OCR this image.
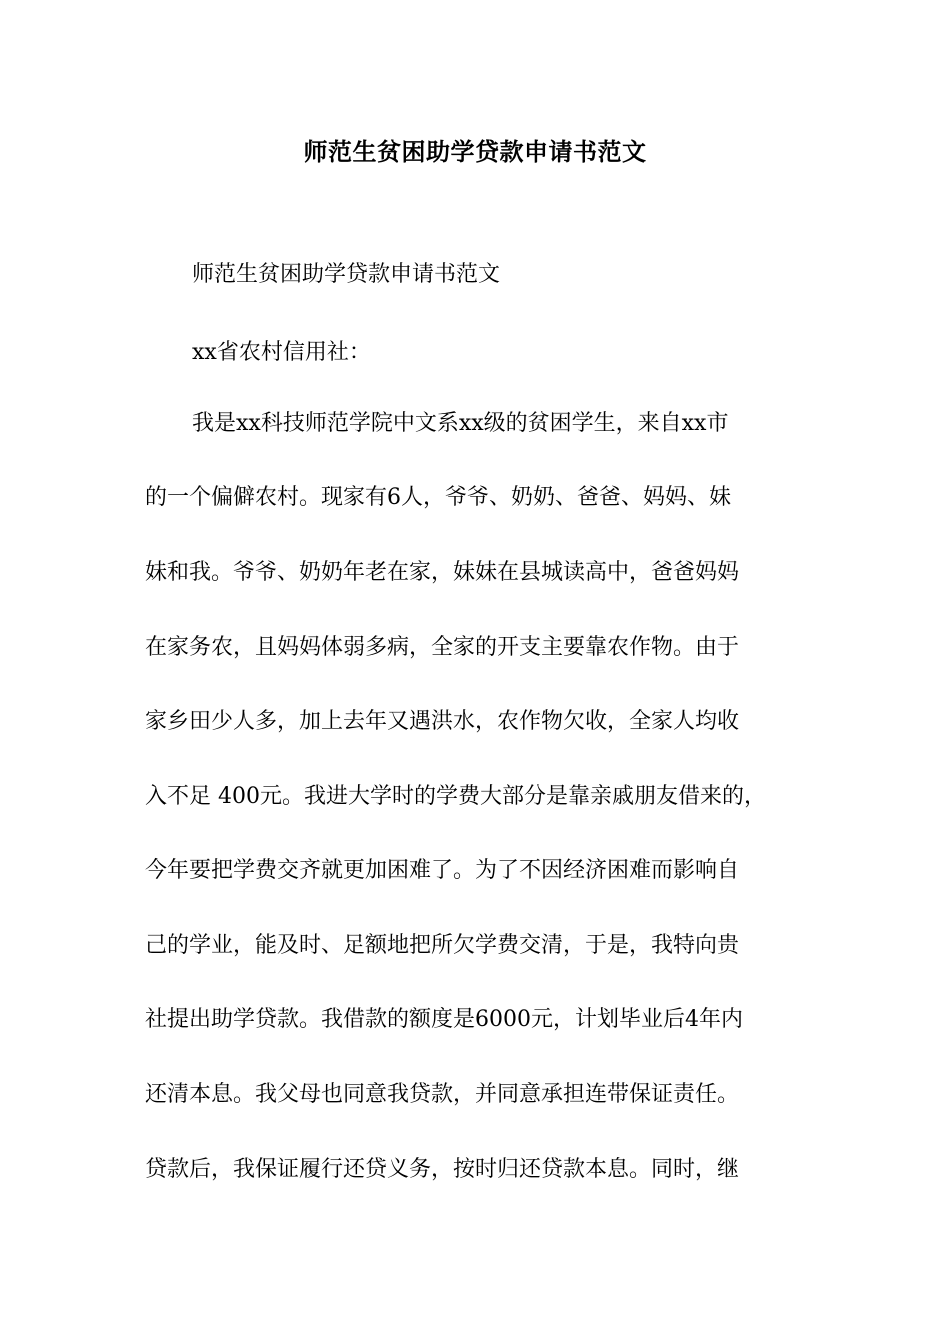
师范生贫困助学贷款申请书范文
师范生贫困助学贷款申请书范文
xx省农村信用社：
我是xx科技师范学院中文系xx级的贫困学生，来自xx市
的一个偏僻农村。现家有6人，爷爷、奶奶、爸爸、妈妈、妹
妹和我。爷爷、奶奶年老在家，妹妹在县城读高中，爸爸妈妈
在家务农，且妈妈体弱多病，全家的开支主要靠农作物。由于
家乡田少人多，加上去年又遇洪水，农作物欠收，全家人均收
入不足 400元。我进大学时的学费大部分是靠亲戚朋友借来的，
今年要把学费交齐就更加困难了。为了不因经济困难而影响自
己的学业，能及时、足额地把所欠学费交清，于是，我特向贵
社提出助学贷款。我借款的额度是6000元，计划毕业后4年内
还清本息。我父母也同意我贷款，并同意承担连带保证责任。
贷款后，我保证履行还贷义务，按时归还贷款本息。同时，继
